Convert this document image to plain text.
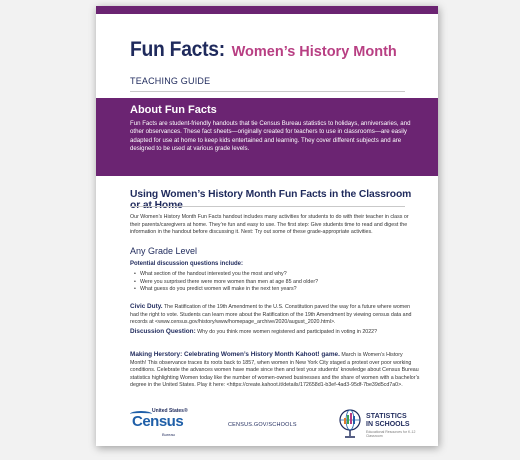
Fun Facts: Women’s History Month
TEACHING GUIDE
About Fun Facts

Fun Facts are student-friendly handouts that tie Census Bureau statistics to holidays, anniversaries, and other observances. These fact sheets—originally created for teachers to use in classrooms—are easily adapted for use at home to keep kids entertained and learning. They cover different subjects and are designed to be used at various grade levels.

Using Women’s History Month Fun Facts in the Classroom
Our Women’s History Month Fun Facts handout includes many activities for students to do with their teacher in class or their parents/caregivers at home. They’re fun and easy to use. The first step: Give students time to read and digest the information in the handout before discussing it. Next: Try out some of these grade-appropriate activities.
Any Grade Level
Potential discussion questions include:
• What section of the handout interested you the most and why?
• Were you surprised there were more women than men at age 85 and older?
• What guess do you predict women will make in the next ten years?
Civic Duty. The Ratification of the 19th Amendment to the U.S. Constitution paved the way for a future where women had the right to vote. Students can learn more about the Ratification of the 19th Amendment by viewing census data and records at <www.census.gov/history/www/homepage_archive/2020/august_2020.html>.
Discussion Question: Why do you think more women registered and participated in voting in 2022?
Making Herstory: Celebrating Women’s History Month Kahoot! game. March is Women’s History Month! This observance traces its roots back to 1857, when women in New York City staged a protest over poor working conditions. Celebrate the advances women have made since then and test your students’ knowledge about Census Bureau statistics highlighting Women today like the number of women-owned businesses and the share of women with a bachelor’s degree in the United States. Play it here: <https://create.kahoot.it/details/172658d1-b3ef-4ad3-95df-7be39d5cd7a0>.
United States®
Census
Bureau
CENSUS.GOV/SCHOOLS
STATISTICS
IN SCHOOLS
Educational Resources for K-12 Classroom
